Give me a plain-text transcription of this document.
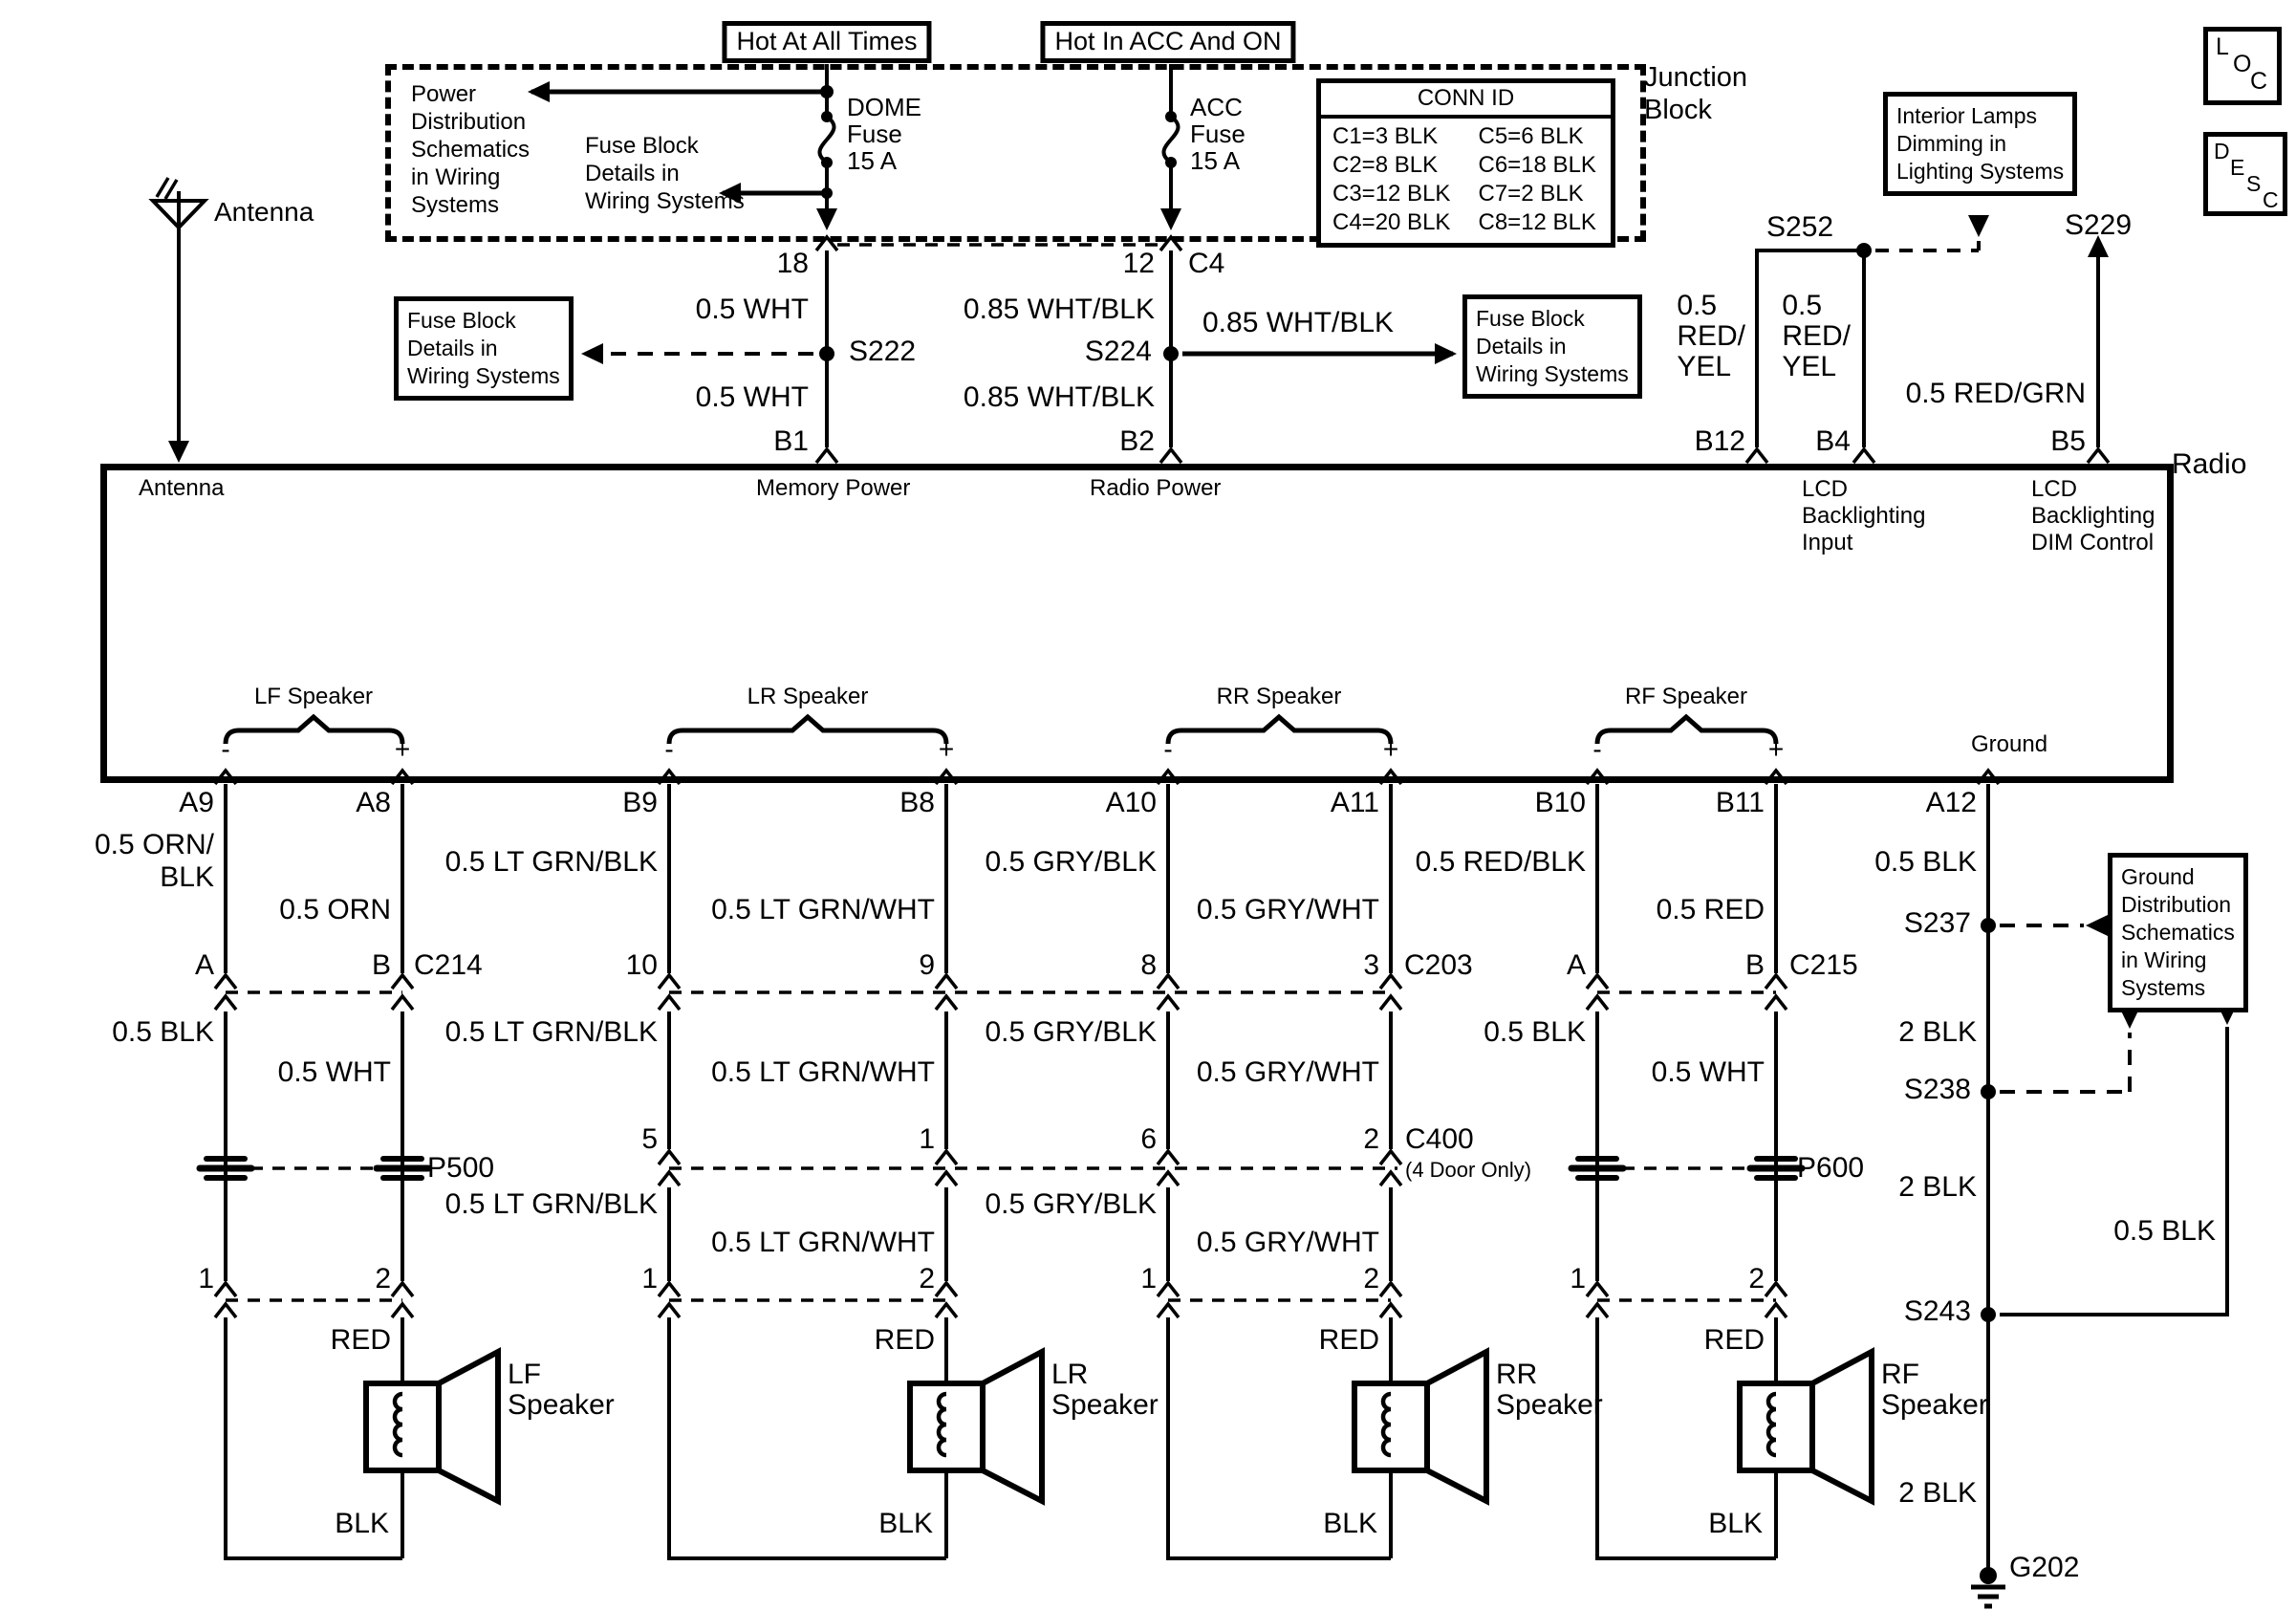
Hot At All Times	Hot In ACC And ON
Junction
Block
Power
Distribution
Schematics
in Wiring
Systems
Fuse Block
Details in
Wiring Systems
DOME
Fuse
15 A
ACC
Fuse
15 A
CONN ID
C1=3 BLK	C5=6 BLK
C2=8 BLK	C6=18 BLK
C3=12 BLK C7=2 BLK
C4=20 BLK C8=12 BLK
Interior Lamps
Dimming in
Lighting Systems
L
O
C
D
E
S
C
Antenna
18	12 C4
0.5 WHT	0.85 WHT/BLK
S222	S224
0.85 WHT/BLK
Fuse Block
Details in
Wiring Systems
Fuse Block
Details in
Wiring Systems
0.5 WHT	0.85 WHT/BLK
B1	B2
S252	S229
0.5
RED/
YEL
0.5
RED/
YEL
0.5 RED/GRN
B12 B4	B5
Radio
Antenna	Memory Power	Radio Power	LCD
Backlighting
Input
LCD
Backlighting
DIM Control
Ground
LF Speaker	LR Speaker	RR Speaker	RF Speaker
-	+	-	+	-	+	-	+
A9	A8	B9	B8	A10	A11	B10	B11	A12
0.5 ORN/
BLK	0.5 LT GRN/BLK	0.5 GRY/BLK	0.5 RED/BLK	0.5 BLK
0.5 ORN	0.5 LT GRN/WHT	0.5 GRY/WHT	0.5 RED
A	B C214	10	9	8	3 C203	A	B C215
S237
Ground
Distribution
Schematics
in Wiring
Systems
0.5 BLK	0.5 LT GRN/BLK	0.5 GRY/BLK	0.5 BLK	2 BLK
0.5 WHT	0.5 LT GRN/WHT	0.5 GRY/WHT	0.5 WHT
5	1	6	2 C400
(4 Door Only)
P500	P600
S238
0.5 LT GRN/BLK	0.5 GRY/BLK
0.5 LT GRN/WHT	0.5 GRY/WHT
2 BLK
0.5 BLK
1	2	1	2	1	2	1	2
S243
RED	RED	RED	RED
LF
Speaker
LR
Speaker
RR
Speaker
RF
Speaker
BLK	BLK	BLK	BLK
2 BLK
G202
